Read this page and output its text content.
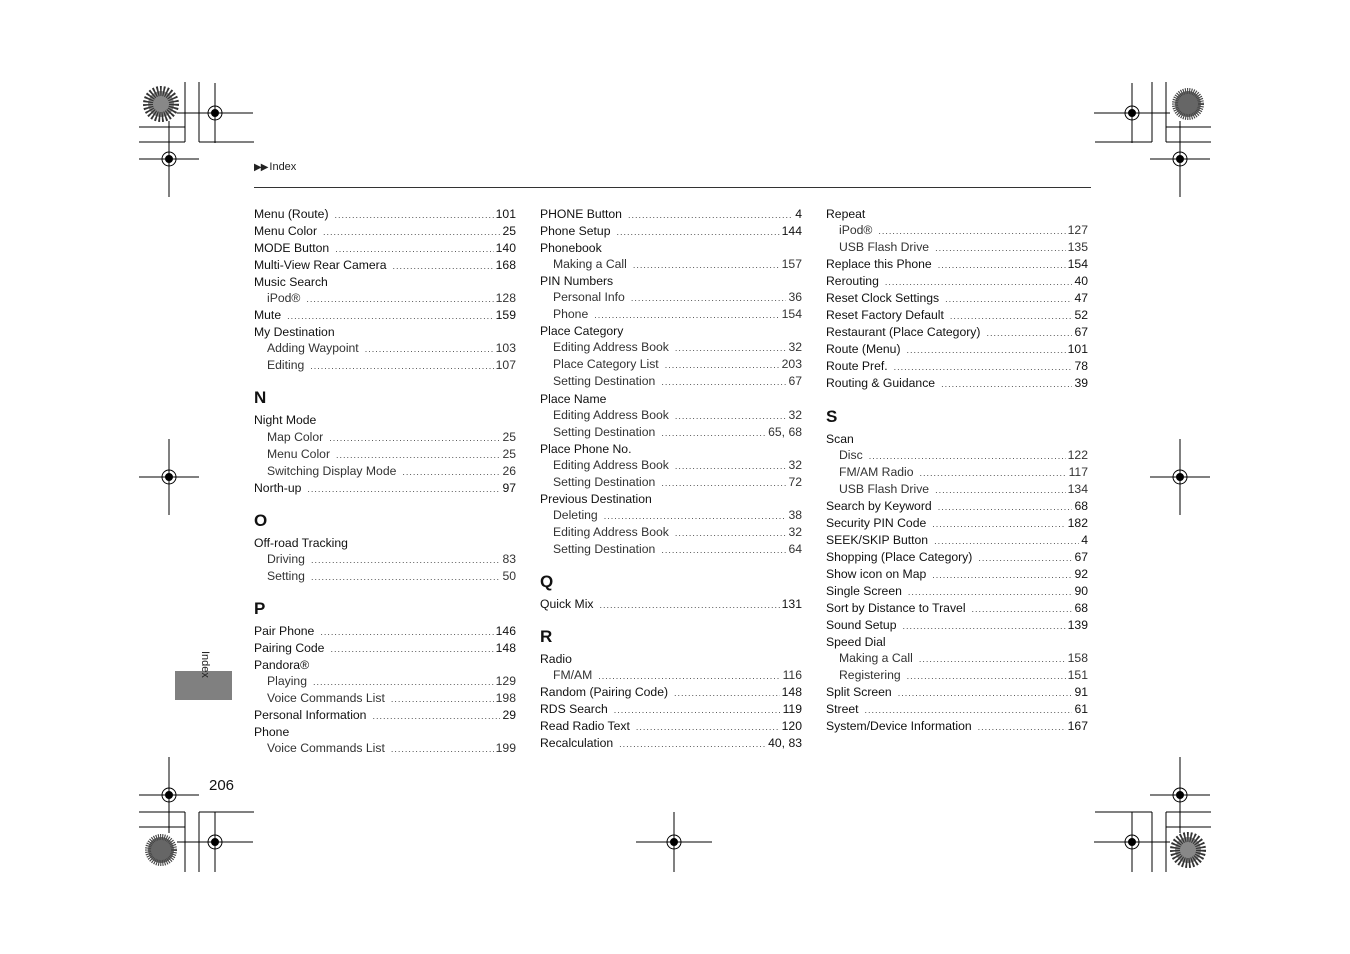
▶▶ Index
Menu (Route) .....	101
Menu Color .....	25
MODE Button .....	140
Multi-View Rear Camera .....	168
Music Search
iPod® .....	128
Mute .....	159
My Destination
Adding Waypoint .....	103
Editing .....	107
N
Night Mode
Map Color .....	25
Menu Color .....	25
Switching Display Mode .....	26
North-up .....	97
O
Off-road Tracking
Driving .....	83
Setting .....	50
P
Pair Phone .....	146
Pairing Code .....	148
Pandora®
Playing .....	129
Voice Commands List .....	198
Personal Information .....	29
Phone
Voice Commands List .....	199
PHONE Button .....	4
Phone Setup .....	144
Phonebook
Making a Call .....	157
PIN Numbers
Personal Info .....	36
Phone .....	154
Place Category
Editing Address Book .....	32
Place Category List .....	203
Setting Destination .....	67
Place Name
Editing Address Book .....	32
Setting Destination .....	65, 68
Place Phone No.
Editing Address Book .....	32
Setting Destination .....	72
Previous Destination
Deleting .....	38
Editing Address Book .....	32
Setting Destination .....	64
Q
Quick Mix .....	131
R
Radio
FM/AM .....	116
Random (Pairing Code) .....	148
RDS Search .....	119
Read Radio Text .....	120
Recalculation .....	40, 83
Repeat
iPod® .....	127
USB Flash Drive .....	135
Replace this Phone .....	154
Rerouting .....	40
Reset Clock Settings .....	47
Reset Factory Default .....	52
Restaurant (Place Category) .....	67
Route (Menu) .....	101
Route Pref. .....	78
Routing & Guidance .....	39
S
Scan
Disc .....	122
FM/AM Radio .....	117
USB Flash Drive .....	134
Search by Keyword .....	68
Security PIN Code .....	182
SEEK/SKIP Button .....	4
Shopping (Place Category) .....	67
Show icon on Map .....	92
Single Screen .....	90
Sort by Distance to Travel .....	68
Sound Setup .....	139
Speed Dial
Making a Call .....	158
Registering .....	151
Split Screen .....	91
Street .....	61
System/Device Information .....	167
Index
206
